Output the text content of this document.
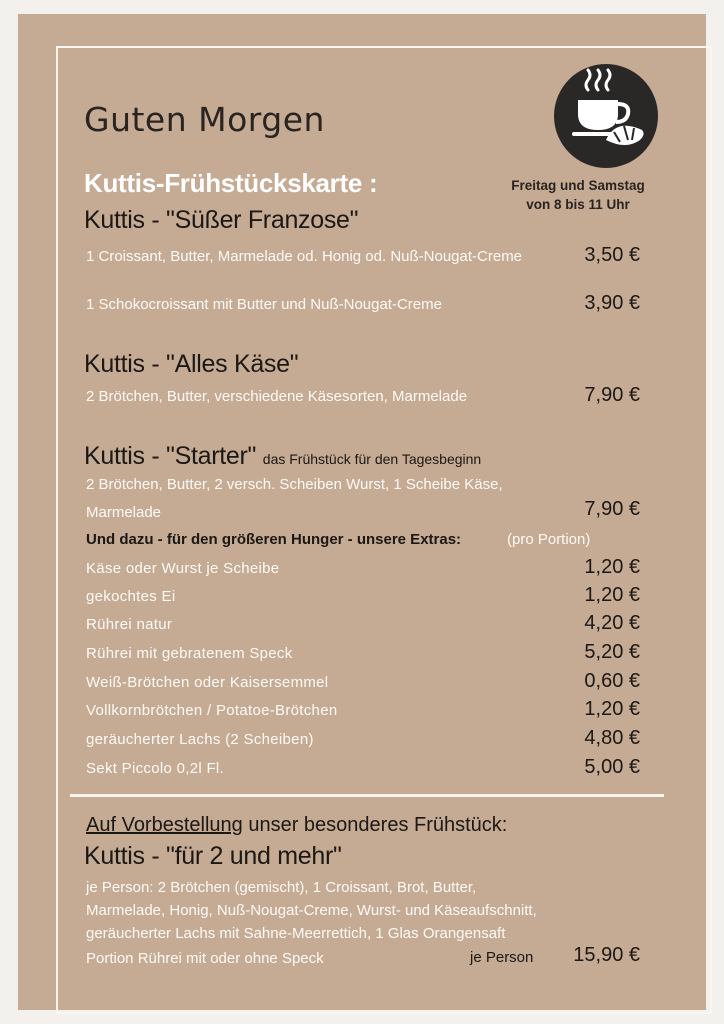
Guten Morgen
Kuttis-Frühstückskarte :	Freitag und Samstag
von 8 bis 11 Uhr
Kuttis - "Süßer Franzose"
1 Croissant, Butter, Marmelade od. Honig od. Nuß-Nougat-Creme	3,50 €
1 Schokocroissant mit Butter und Nuß-Nougat-Creme	3,90 €
Kuttis - "Alles Käse"
2 Brötchen, Butter, verschiedene Käsesorten, Marmelade	7,90 €
Kuttis - "Starter" das Frühstück für den Tagesbeginn
2 Brötchen, Butter, 2 versch. Scheiben Wurst, 1 Scheibe Käse,
Marmelade	7,90 €
Und dazu - für den größeren Hunger - unsere Extras:	(pro Portion)
Käse oder Wurst je Scheibe	1,20 €
gekochtes Ei	1,20 €
Rührei natur	4,20 €
Rührei mit gebratenem Speck	5,20 €
Weiß-Brötchen oder Kaisersemmel	0,60 €
Vollkornbrötchen / Potatoe-Brötchen	1,20 €
geräucherter Lachs (2 Scheiben)	4,80 €
Sekt Piccolo 0,2l Fl.	5,00 €
Auf Vorbestellung unser besonderes Frühstück:
Kuttis - "für 2 und mehr"
je Person: 2 Brötchen (gemischt), 1 Croissant, Brot, Butter,
Marmelade, Honig, Nuß-Nougat-Creme, Wurst- und Käseaufschnitt,
geräucherter Lachs mit Sahne-Meerrettich, 1 Glas Orangensaft
Portion Rührei mit oder ohne Speck	je Person 15,90 €
